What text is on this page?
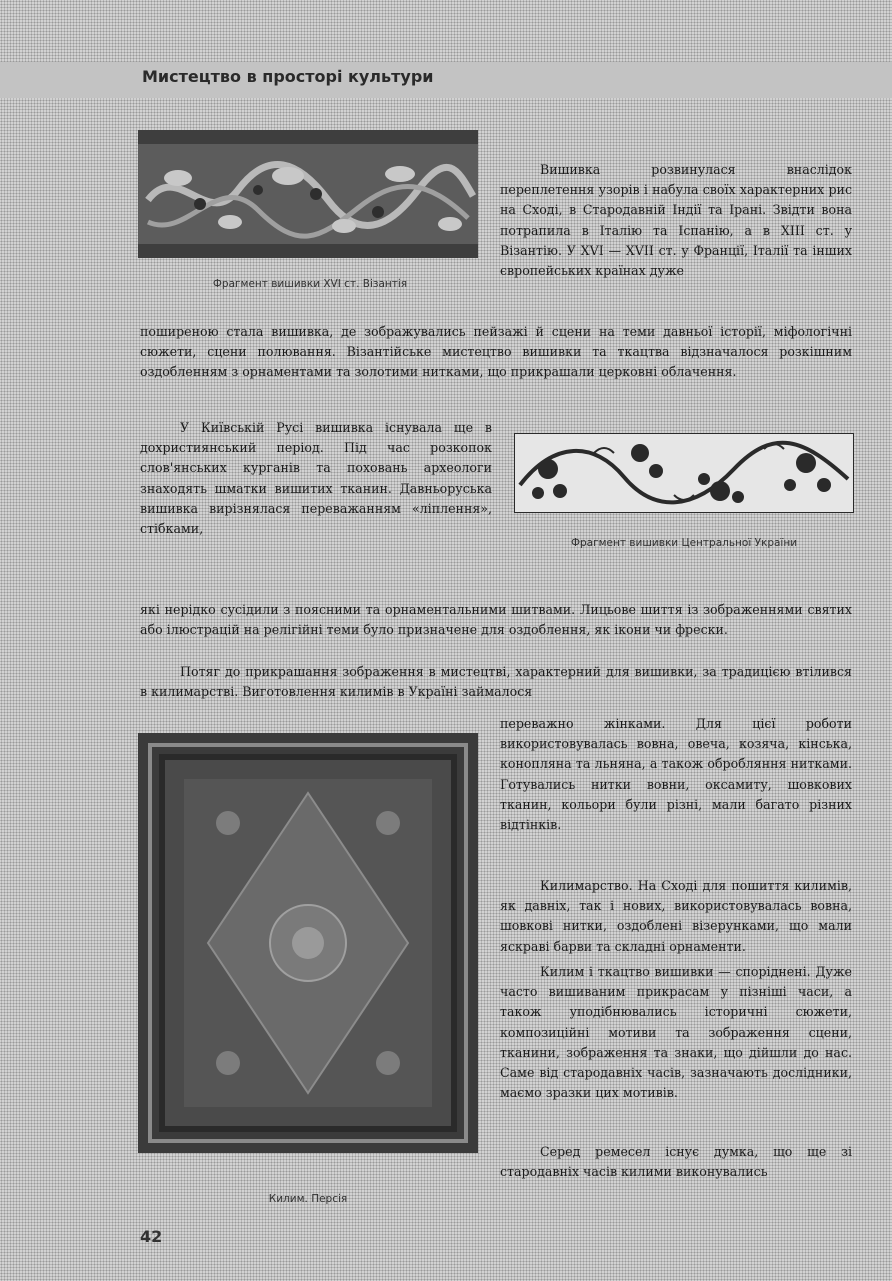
Мистецтво в просторі культури
Фрагмент вишивки XVI ст. Візантія

Вишивка розвинулася внаслідок переплетення узорів і набула своїх характерних рис на Сході, в Стародавній Індії та Ірані. Звідти вона потрапила в Італію та Іспанію, а в XIII ст. у Візантію. У XVI — XVII ст. у Франції, Італії та інших європейських країнах дуже

поширеною стала вишивка, де зображувались пейзажі й сцени на теми давньої історії, міфологічні сюжети, сцени полювання. Візантійське мистецтво вишивки та ткацтва відзначалося розкішним оздобленням з орнаментами та золотими нитками, що прикрашали церковні облачення.

Фрагмент вишивки Центральної України

У Київській Русі вишивка існувала ще в дохристиянський період. Під час розкопок слов'янських курганів та поховань археологи знаходять шматки вишитих тканин. Давньоруська вишивка вирізнялася переважанням «ліплення», стібками,

які нерідко сусідили з поясними та орнаментальними шитвами. Лицьове шиття із зображеннями святих або ілюстрацій на релігійні теми було призначене для оздоблення, як ікони чи фрески.

Потяг до прикрашання зображення в мистецтві, характерний для вишивки, за традицією втілився в килимарстві. Виготовлення килимів в Україні займалося

Килим. Персія

переважно жінками. Для цієї роботи використовувалась вовна, овеча, козяча, кінська, конопляна та льняна, а також обробляння нитками. Готувались нитки вовни, оксамиту, шовкових тканин, кольори були різні, мали багато різних відтінків.

Килимарство. На Сході для пошиття килимів, як давніх, так і нових, використовувалась вовна, шовкові нитки, оздоблені візерунками, що мали яскраві барви та складні орнаменти.

Килим і ткацтво вишивки — споріднені. Дуже часто вишиваним прикрасам у пізніші часи, а також уподібнювались історичні сюжети, композиційні мотиви та зображення сцени, тканини, зображення та знаки, що дійшли до нас. Саме від стародавніх часів, зазначають дослідники, маємо зразки цих мотивів.

Серед ремесел існує думка, що ще зі стародавніх часів килими виконувались

42
